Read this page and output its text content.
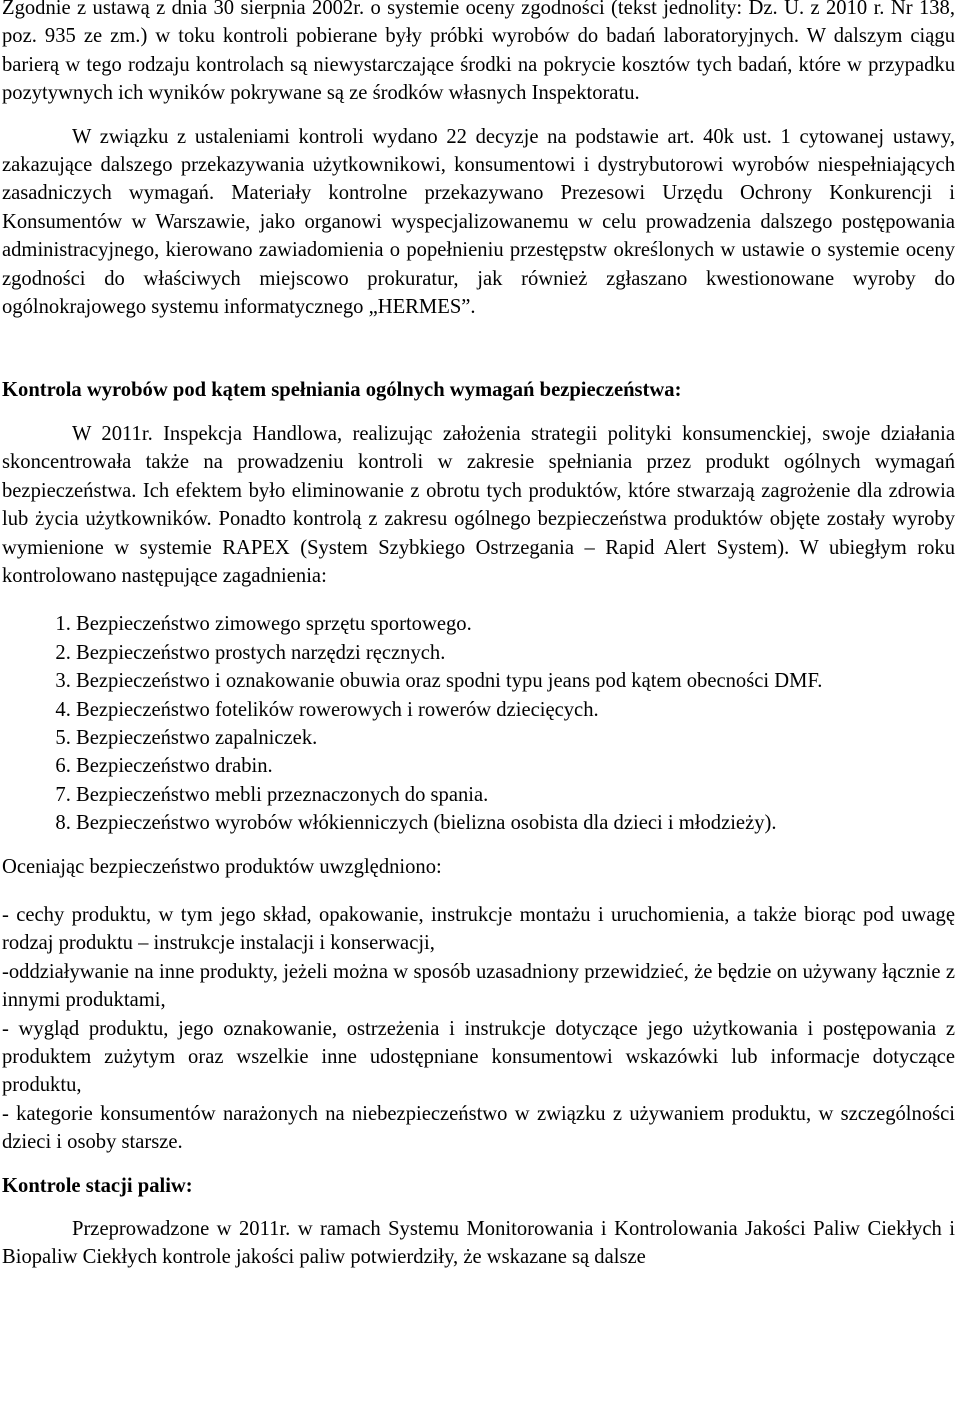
Zgodnie z ustawą z dnia 30 sierpnia 2002r. o systemie oceny zgodności (tekst jednolity: Dz. U. z 2010 r. Nr 138, poz. 935 ze zm.) w toku kontroli pobierane były próbki wyrobów do badań laboratoryjnych. W dalszym ciągu barierą w tego rodzaju kontrolach są niewystarczające środki na pokrycie kosztów tych badań, które w przypadku pozytywnych ich wyników pokrywane są ze środków własnych Inspektoratu.

W związku z ustaleniami kontroli wydano 22 decyzje na podstawie art. 40k ust. 1 cytowanej ustawy, zakazujące dalszego przekazywania użytkownikowi, konsumentowi i dystrybutorowi wyrobów niespełniających zasadniczych wymagań. Materiały kontrolne przekazywano Prezesowi Urzędu Ochrony Konkurencji i Konsumentów w Warszawie, jako organowi wyspecjalizowanemu w celu prowadzenia dalszego postępowania administracyjnego, kierowano zawiadomienia o popełnieniu przestępstw określonych w ustawie o systemie oceny zgodności do właściwych miejscowo prokuratur, jak również zgłaszano kwestionowane wyroby do ogólnokrajowego systemu informatycznego „HERMES”.

Kontrola wyrobów pod kątem spełniania ogólnych wymagań bezpieczeństwa:

W 2011r. Inspekcja Handlowa, realizując założenia strategii polityki konsumenckiej, swoje działania skoncentrowała także na prowadzeniu kontroli w zakresie spełniania przez produkt ogólnych wymagań bezpieczeństwa. Ich efektem było eliminowanie z obrotu tych produktów, które stwarzają zagrożenie dla zdrowia lub życia użytkowników. Ponadto kontrolą z zakresu ogólnego bezpieczeństwa produktów objęte zostały wyroby wymienione w systemie RAPEX (System Szybkiego Ostrzegania – Rapid Alert System). W ubiegłym roku kontrolowano następujące zagadnienia:

1. Bezpieczeństwo zimowego sprzętu sportowego.
2. Bezpieczeństwo prostych narzędzi ręcznych.
3. Bezpieczeństwo i oznakowanie obuwia oraz spodni typu jeans pod kątem obecności DMF.
4. Bezpieczeństwo fotelików rowerowych i rowerów dziecięcych.
5. Bezpieczeństwo zapalniczek.
6. Bezpieczeństwo drabin.
7. Bezpieczeństwo mebli przeznaczonych do spania.
8. Bezpieczeństwo wyrobów włókienniczych (bielizna osobista dla dzieci i młodzieży).

Oceniając bezpieczeństwo produktów uwzględniono:

- cechy produktu, w tym jego skład, opakowanie, instrukcje montażu i uruchomienia, a także biorąc pod uwagę rodzaj produktu – instrukcje instalacji i konserwacji,

-oddziaływanie na inne produkty, jeżeli można w sposób uzasadniony przewidzieć, że będzie on używany łącznie z innymi produktami,

- wygląd produktu, jego oznakowanie, ostrzeżenia i instrukcje dotyczące jego użytkowania i postępowania z produktem zużytym oraz wszelkie inne udostępniane konsumentowi wskazówki lub informacje dotyczące produktu,

- kategorie konsumentów narażonych na niebezpieczeństwo w związku z używaniem produktu, w szczególności dzieci i osoby starsze.

Kontrole stacji paliw:

Przeprowadzone w 2011r. w ramach Systemu Monitorowania i Kontrolowania Jakości Paliw Ciekłych i Biopaliw Ciekłych kontrole jakości paliw potwierdziły, że wskazane są dalsze
